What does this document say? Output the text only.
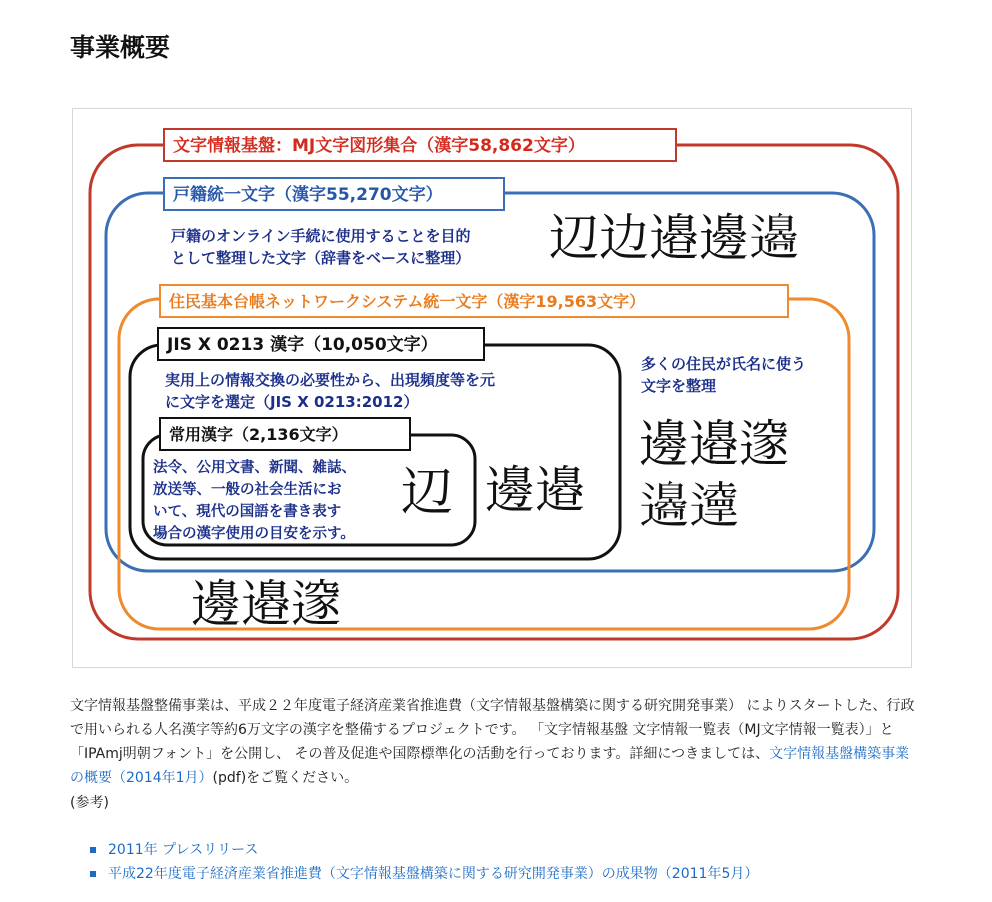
事業概要
文字情報基盤：MJ文字図形集合（漢字58,862文字）
戸籍統一文字（漢字55,270文字）
戸籍のオンライン手続に使用することを目的
として整理した文字（辞書をベースに整理） 辺边邉邊𨘢
住民基本台帳ネットワークシステム統一文字（漢字19,563文字）
多くの住民が氏名に使う
文字を整理
邊邉𨗉
𨘢𨘞
邊邉𨗉
JIS X 0213 漢字（10,050文字）
実用上の情報交換の必要性から、出現頻度等を元
に文字を選定（JIS X 0213:2012）
邊邉
常用漢字（2,136文字）
法令、公用文書、新聞、雑誌、
放送等、一般の社会生活にお
いて、現代の国語を書き表す
場合の漢字使用の目安を示す。
辺
文字情報基盤整備事業は、平成２２年度電子経済産業省推進費（文字情報基盤構築に関する研究開発事業） によりスタートした、行政で用いられる人名漢字等約6万文字の漢字を整備するプロジェクトです。 「文字情報基盤 文字情報一覧表（MJ文字情報一覧表）」と「IPAmj明朝フォント」を公開し、 その普及促進や国際標準化の活動を行っております。詳細につきましては、文字情報基盤構築事業の概要（2014年1月）(pdf)をご覧ください。
(参考)
2011年 プレスリリース
平成22年度電子経済産業省推進費（文字情報基盤構築に関する研究開発事業）の成果物（2011年5月）
